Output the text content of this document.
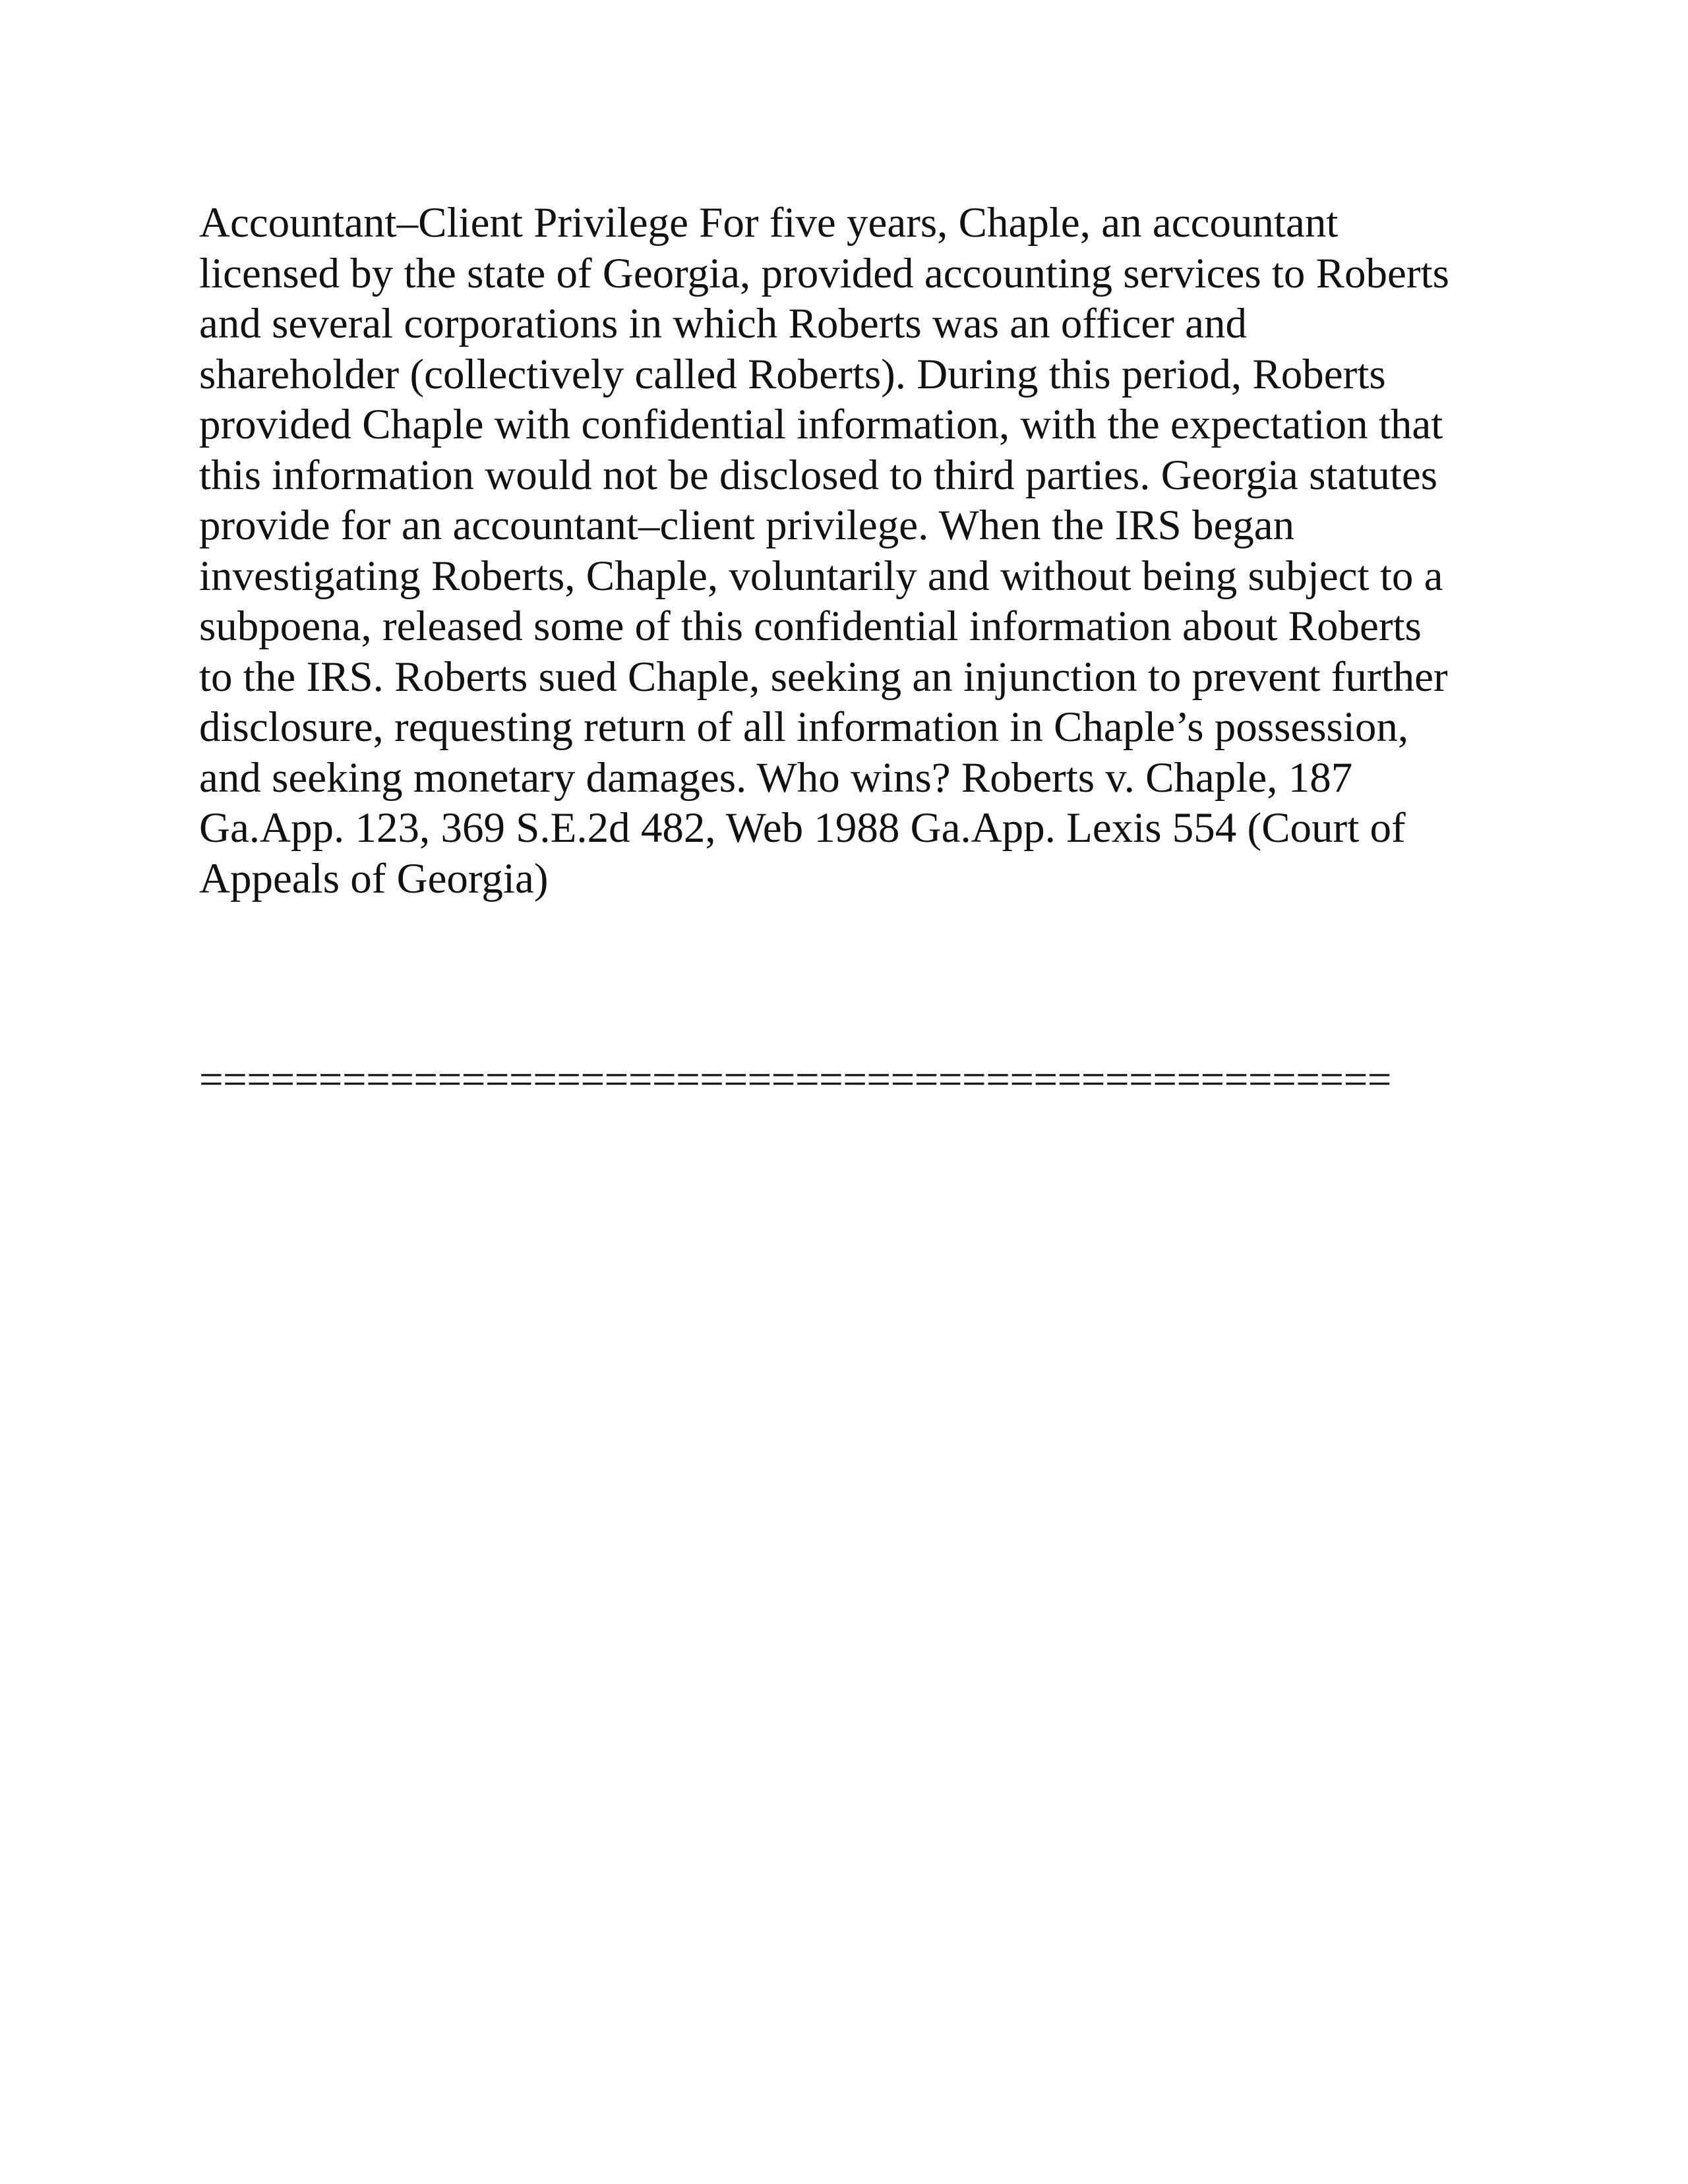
Accountant–Client Privilege For five years, Chaple, an accountant
licensed by the state of Georgia, provided accounting services to Roberts
and several corporations in which Roberts was an officer and
shareholder (collectively called Roberts). During this period, Roberts
provided Chaple with confidential information, with the expectation that
this information would not be disclosed to third parties. Georgia statutes
provide for an accountant–client privilege. When the IRS began
investigating Roberts, Chaple, voluntarily and without being subject to a
subpoena, released some of this confidential information about Roberts
to the IRS. Roberts sued Chaple, seeking an injunction to prevent further
disclosure, requesting return of all information in Chaple’s possession,
and seeking monetary damages. Who wins? Roberts v. Chaple, 187
Ga.App. 123, 369 S.E.2d 482, Web 1988 Ga.App. Lexis 554 (Court of
Appeals of Georgia)

==================================================
